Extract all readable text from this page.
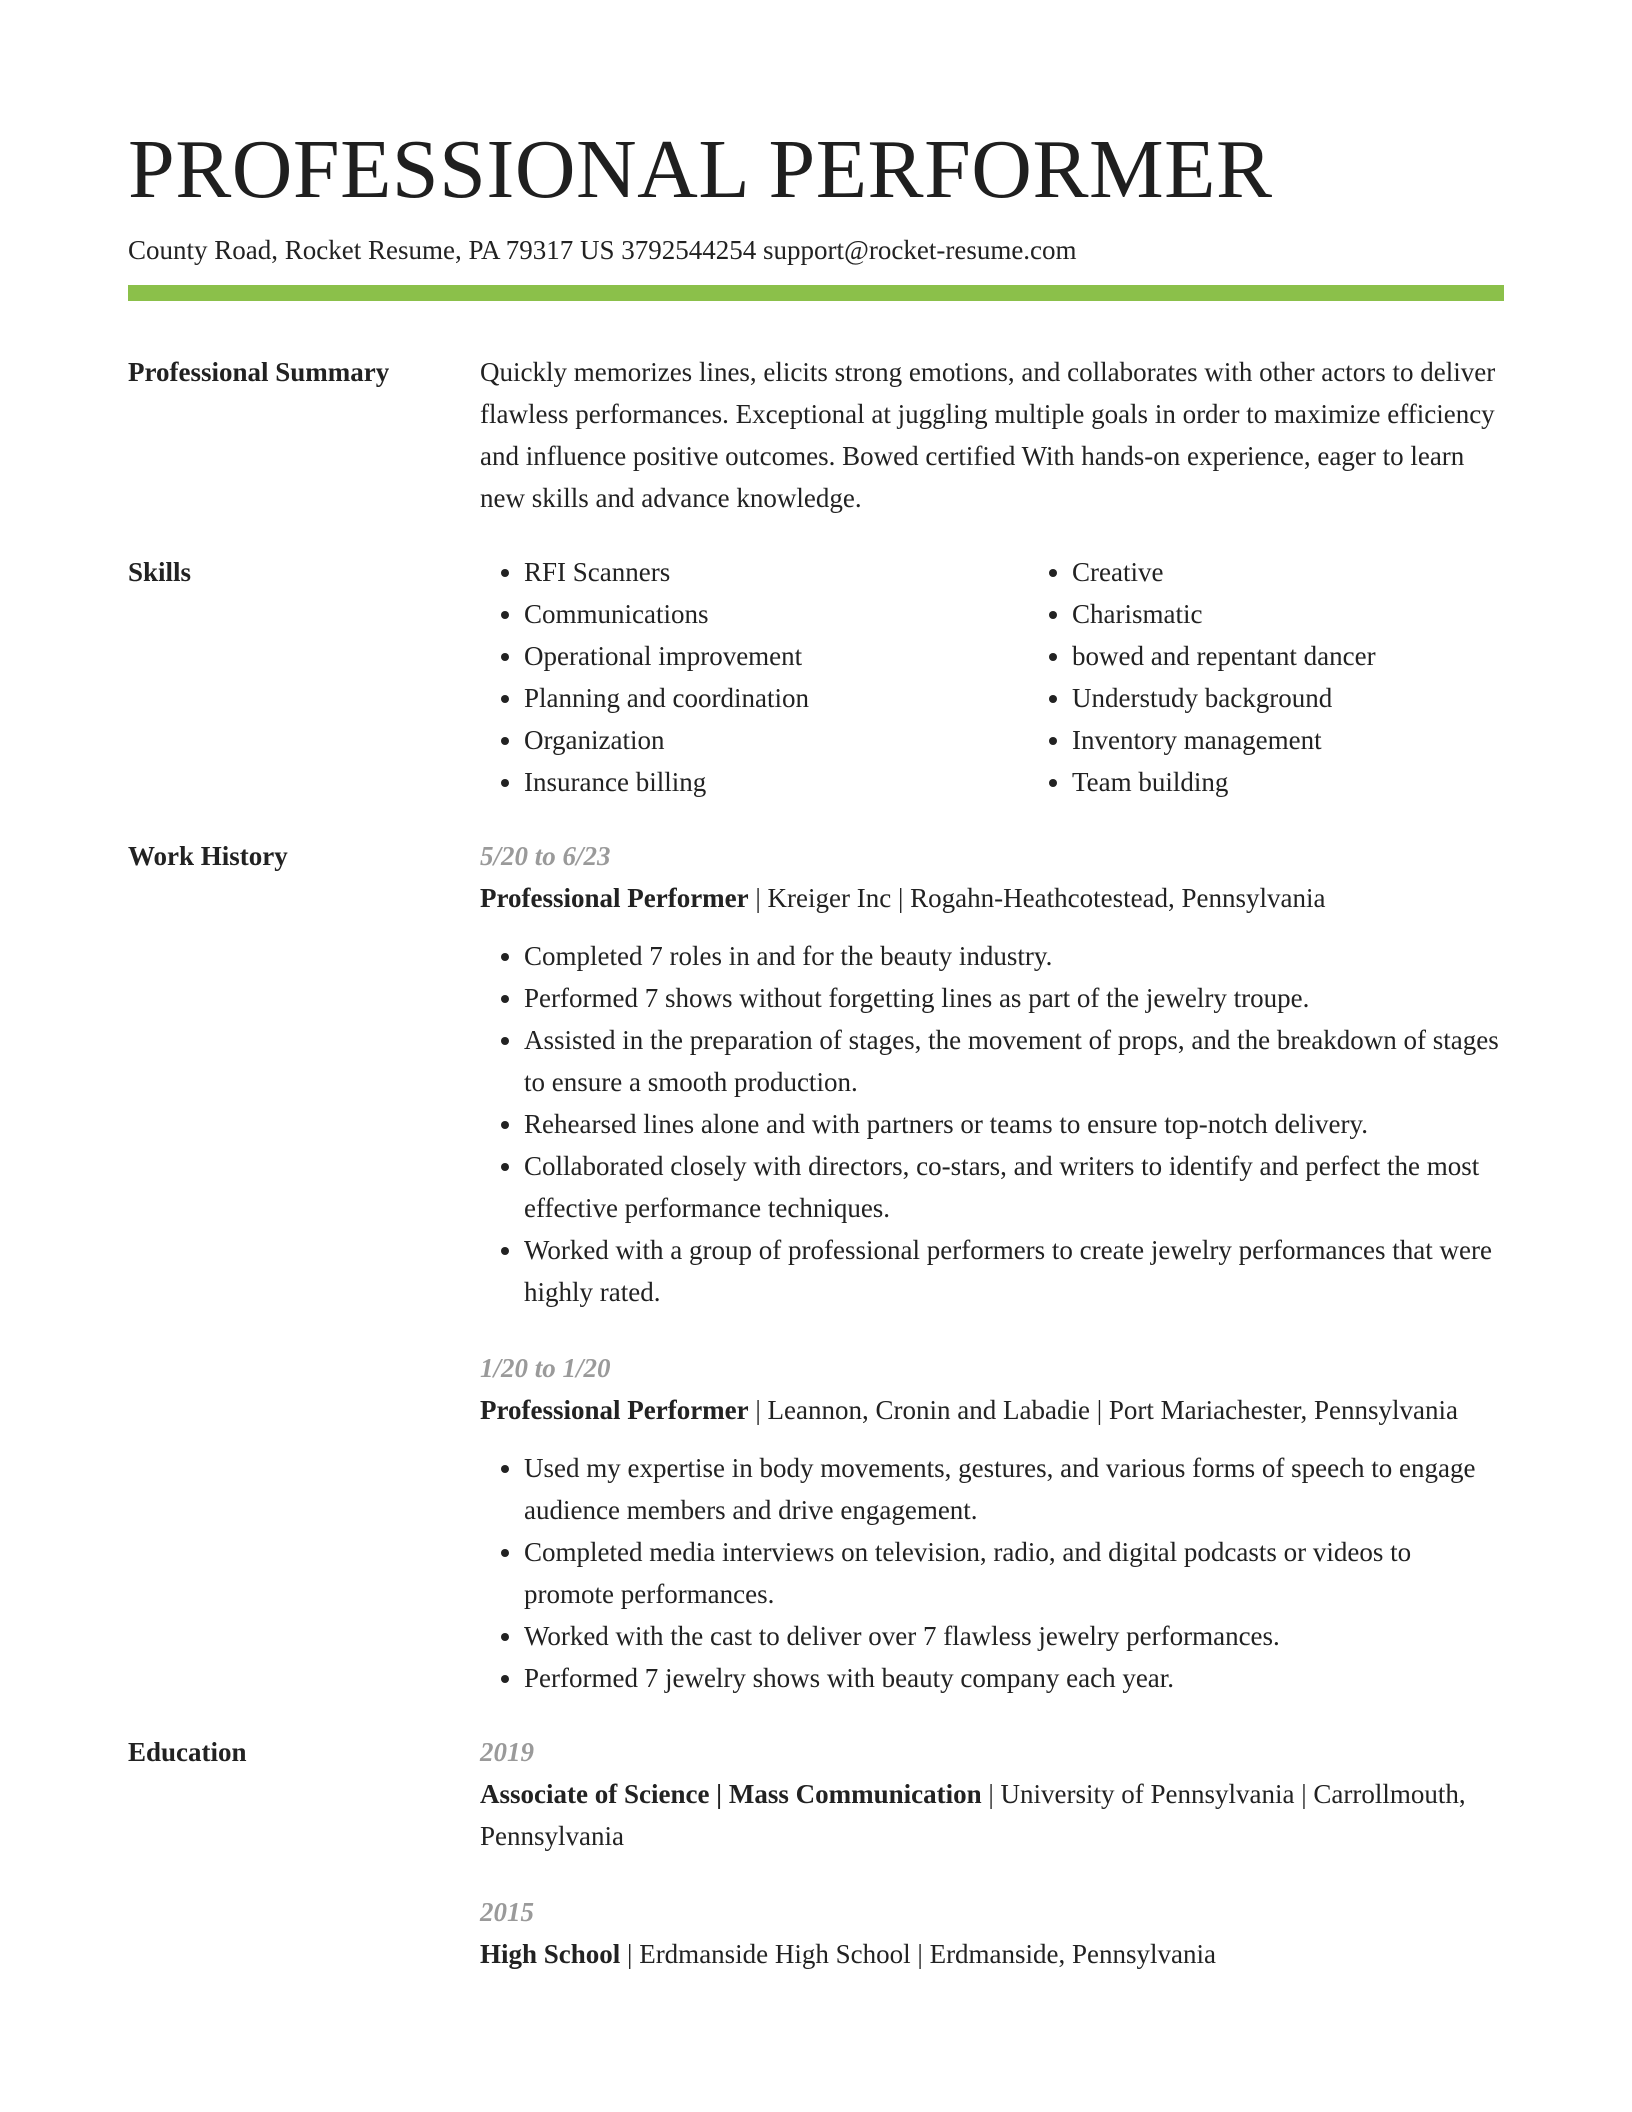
PROFESSIONAL PERFORMER
County Road, Rocket Resume, PA 79317 US 3792544254 support@rocket-resume.com
Professional Summary	Quickly memorizes lines, elicits strong emotions, and collaborates with other actors to deliver flawless performances. Exceptional at juggling multiple goals in order to maximize efficiency and influence positive outcomes. Bowed certified With hands-on experience, eager to learn new skills and advance knowledge.
Skills
•	RFI Scanners
• Communications
• Operational improvement
• Planning and coordination
• Organization
• Insurance billing
• Creative
• Charismatic
• bowed and repentant dancer
• Understudy background
• Inventory management
• Team building
Work History	5/20 to 6/23
Professional Performer | Kreiger Inc | Rogahn-Heathcotestead, Pennsylvania
• Completed 7 roles in and for the beauty industry.
• Performed 7 shows without forgetting lines as part of the jewelry troupe.
• Assisted in the preparation of stages, the movement of props, and the breakdown of stages to ensure a smooth production.
• Rehearsed lines alone and with partners or teams to ensure top-notch delivery.
• Collaborated closely with directors, co-stars, and writers to identify and perfect the most effective performance techniques.
• Worked with a group of professional performers to create jewelry performances that were highly rated.
1/20 to 1/20
Professional Performer | Leannon, Cronin and Labadie | Port Mariachester, Pennsylvania
• Used my expertise in body movements, gestures, and various forms of speech to engage audience members and drive engagement.
• Completed media interviews on television, radio, and digital podcasts or videos to promote performances.
• Worked with the cast to deliver over 7 flawless jewelry performances.
• Performed 7 jewelry shows with beauty company each year.
Education	2019
Associate of Science | Mass Communication | University of Pennsylvania | Carrollmouth, Pennsylvania
2015
High School | Erdmanside High School | Erdmanside, Pennsylvania
